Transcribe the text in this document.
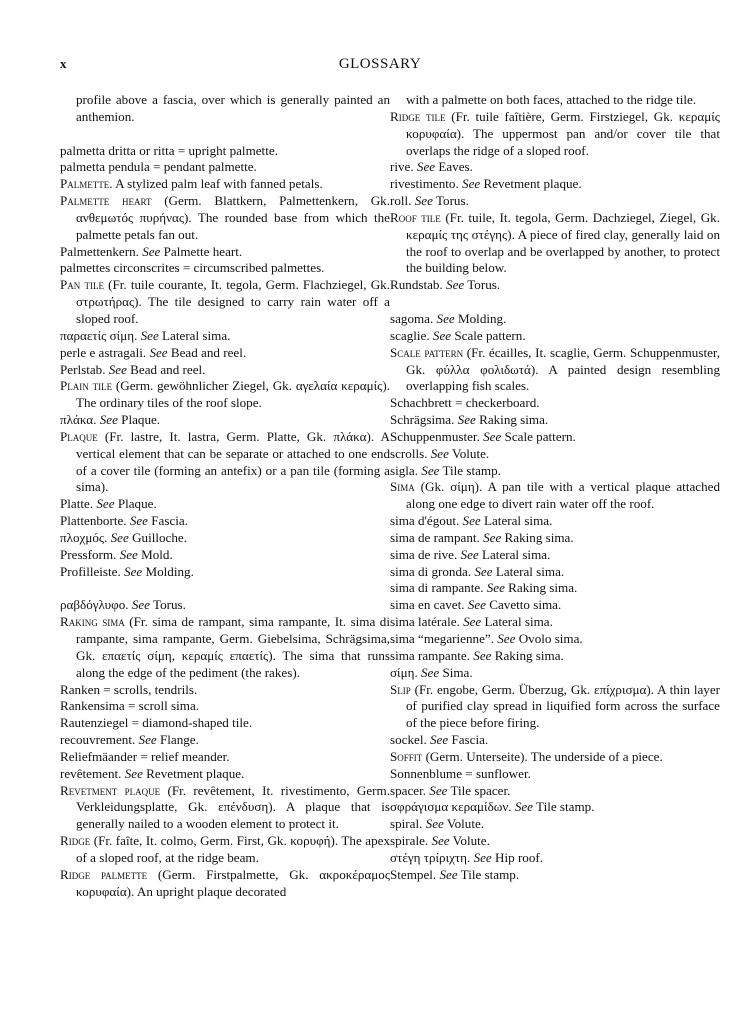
x	GLOSSARY

profile above a fascia, over which is generally painted an anthemion.

palmetta dritta or ritta = upright palmette.

palmetta pendula = pendant palmette.

Palmette. A stylized palm leaf with fanned petals.

Palmette heart (Germ. Blattkern, Palmettenkern, Gk. ανθεμωτός πυρήνας). The rounded base from which the palmette petals fan out.

Palmettenkern. See Palmette heart.

palmettes circonscrites = circumscribed palmettes.

Pan tile (Fr. tuile courante, It. tegola, Germ. Flachziegel, Gk. στρωτήρας). The tile designed to carry rain water off a sloped roof.

παραετίς σίμη. See Lateral sima.

perle e astragali. See Bead and reel.

Perlstab. See Bead and reel.

Plain tile (Germ. gewöhnlicher Ziegel, Gk. αγελαία κεραμίς). The ordinary tiles of the roof slope.

πλάκα. See Plaque.

Plaque (Fr. lastre, It. lastra, Germ. Platte, Gk. πλάκα). A vertical element that can be separate or attached to one end of a cover tile (forming an antefix) or a pan tile (forming a sima).

Platte. See Plaque.

Plattenborte. See Fascia.

πλοχμός. See Guilloche.

Pressform. See Mold.

Profilleiste. See Molding.

ραβδόγλυφο. See Torus.

Raking sima (Fr. sima de rampant, sima rampante, It. sima di rampante, sima rampante, Germ. Giebelsima, Schrägsima, Gk. επαετίς σίμη, κεραμίς επαετίς). The sima that runs along the edge of the pediment (the rakes).

Ranken = scrolls, tendrils.

Rankensima = scroll sima.

Rautenziegel = diamond-shaped tile.

recouvrement. See Flange.

Reliefmäander = relief meander.

revêtement. See Revetment plaque.

Revetment plaque (Fr. revêtement, It. rivestimento, Germ. Verkleidungsplatte, Gk. επένδυση). A plaque that is generally nailed to a wooden element to protect it.

Ridge (Fr. faîte, It. colmo, Germ. First, Gk. κορυφή). The apex of a sloped roof, at the ridge beam.

Ridge palmette (Germ. Firstpalmette, Gk. ακροκέραμος κορυφαία). An upright plaque decorated

with a palmette on both faces, attached to the ridge tile.

Ridge tile (Fr. tuile faîtière, Germ. Firstziegel, Gk. κεραμίς κορυφαία). The uppermost pan and/or cover tile that overlaps the ridge of a sloped roof.

rive. See Eaves.

rivestimento. See Revetment plaque.

roll. See Torus.

Roof tile (Fr. tuile, It. tegola, Germ. Dachziegel, Ziegel, Gk. κεραμίς της στέγης). A piece of fired clay, generally laid on the roof to overlap and be overlapped by another, to protect the building below.

Rundstab. See Torus.

sagoma. See Molding.

scaglie. See Scale pattern.

Scale pattern (Fr. écailles, It. scaglie, Germ. Schuppenmuster, Gk. φύλλα φολιδωτά). A painted design resembling overlapping fish scales.

Schachbrett = checkerboard.

Schrägsima. See Raking sima.

Schuppenmuster. See Scale pattern.

scrolls. See Volute.

sigla. See Tile stamp.

Sima (Gk. σίμη). A pan tile with a vertical plaque attached along one edge to divert rain water off the roof.

sima d'égout. See Lateral sima.

sima de rampant. See Raking sima.

sima de rive. See Lateral sima.

sima di gronda. See Lateral sima.

sima di rampante. See Raking sima.

sima en cavet. See Cavetto sima.

sima latérale. See Lateral sima.

sima “megarienne”. See Ovolo sima.

sima rampante. See Raking sima.

σίμη. See Sima.

Slip (Fr. engobe, Germ. Überzug, Gk. επίχρισμα). A thin layer of purified clay spread in liquified form across the surface of the piece before firing.

sockel. See Fascia.

Soffit (Germ. Unterseite). The underside of a piece.

Sonnenblume = sunflower.

spacer. See Tile spacer.

σφράγισμα κεραμίδων. See Tile stamp.

spiral. See Volute.

spirale. See Volute.

στέγη τρίριχτη. See Hip roof.

Stempel. See Tile stamp.
